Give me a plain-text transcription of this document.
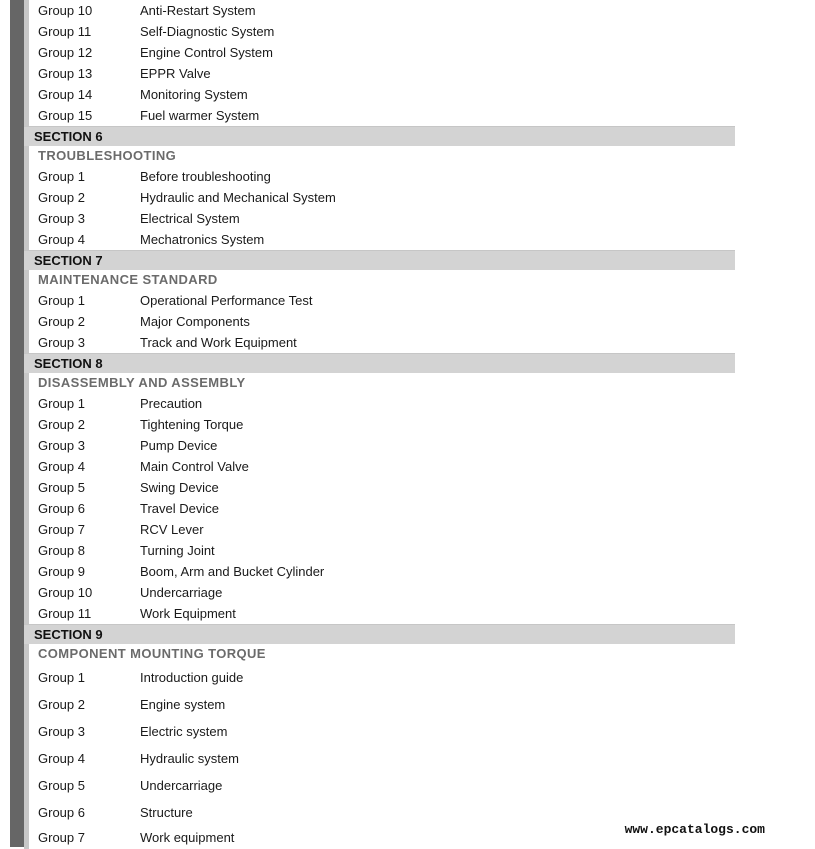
Group 10	Anti-Restart System
Group 11	Self-Diagnostic System
Group 12	Engine Control System
Group 13	EPPR Valve
Group 14	Monitoring System
Group 15	Fuel warmer System
SECTION 6
TROUBLESHOOTING
Group 1	Before troubleshooting
Group 2	Hydraulic and Mechanical System
Group 3	Electrical System
Group 4	Mechatronics System
SECTION 7
MAINTENANCE STANDARD
Group 1	Operational Performance Test
Group 2	Major Components
Group 3	Track and Work Equipment
SECTION 8
DISASSEMBLY AND ASSEMBLY
Group 1	Precaution
Group 2	Tightening Torque
Group 3	Pump Device
Group 4	Main Control Valve
Group 5	Swing Device
Group 6	Travel Device
Group 7	RCV Lever
Group 8	Turning Joint
Group 9	Boom, Arm and Bucket Cylinder
Group 10	Undercarriage
Group 11	Work Equipment
SECTION 9
COMPONENT MOUNTING TORQUE
Group 1	Introduction guide
Group 2	Engine system
Group 3	Electric system
Group 4	Hydraulic system
Group 5	Undercarriage
Group 6	Structure
Group 7	Work equipment
www.epcatalogs.com
